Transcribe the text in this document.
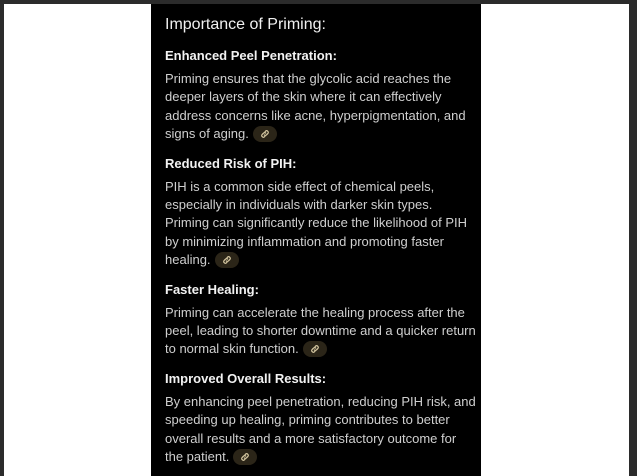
Importance of Priming:

Enhanced Peel Penetration:

Priming ensures that the glycolic acid reaches the deeper layers of the skin where it can effectively address concerns like acne, hyperpigmentation, and signs of aging.

Reduced Risk of PIH:

PIH is a common side effect of chemical peels, especially in individuals with darker skin types. Priming can significantly reduce the likelihood of PIH by minimizing inflammation and promoting faster healing.

Faster Healing:

Priming can accelerate the healing process after the peel, leading to shorter downtime and a quicker return to normal skin function.

Improved Overall Results:

By enhancing peel penetration, reducing PIH risk, and speeding up healing, priming contributes to better overall results and a more satisfactory outcome for the patient.
